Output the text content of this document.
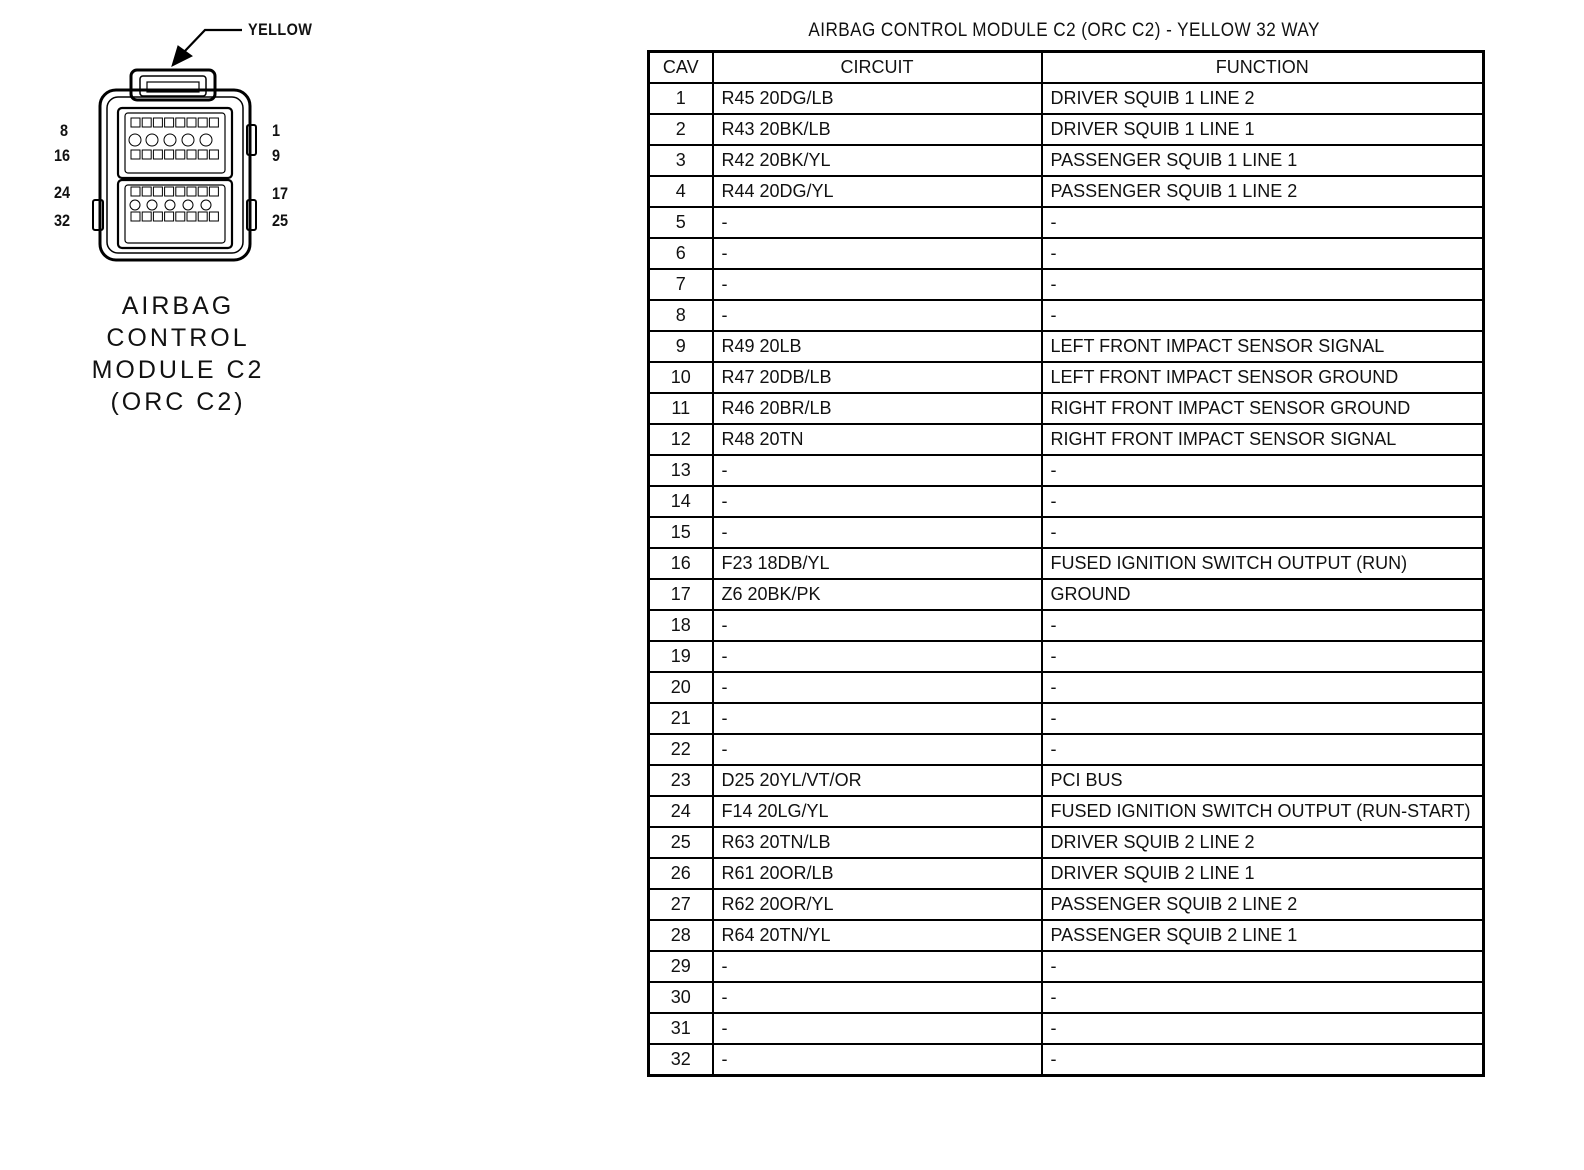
YELLOW
8
16
24
32
1
9
17
25
AIRBAG
CONTROL
MODULE C2
(ORC C2)
AIRBAG CONTROL MODULE C2 (ORC C2) - YELLOW 32 WAY
CAV	CIRCUIT	FUNCTION
1	R45 20DG/LB	DRIVER SQUIB 1 LINE 2
2	R43 20BK/LB	DRIVER SQUIB 1 LINE 1
3	R42 20BK/YL	PASSENGER SQUIB 1 LINE 1
4	R44 20DG/YL	PASSENGER SQUIB 1 LINE 2
5	-	-
6	-	-
7	-	-
8	-	-
9	R49 20LB	LEFT FRONT IMPACT SENSOR SIGNAL
10	R47 20DB/LB	LEFT FRONT IMPACT SENSOR GROUND
11	R46 20BR/LB	RIGHT FRONT IMPACT SENSOR GROUND
12	R48 20TN	RIGHT FRONT IMPACT SENSOR SIGNAL
13	-	-
14	-	-
15	-	-
16	F23 18DB/YL	FUSED IGNITION SWITCH OUTPUT (RUN)
17	Z6 20BK/PK	GROUND
18	-	-
19	-	-
20	-	-
21	-	-
22	-	-
23	D25 20YL/VT/OR	PCI BUS
24	F14 20LG/YL	FUSED IGNITION SWITCH OUTPUT (RUN-START)
25	R63 20TN/LB	DRIVER SQUIB 2 LINE 2
26	R61 20OR/LB	DRIVER SQUIB 2 LINE 1
27	R62 20OR/YL	PASSENGER SQUIB 2 LINE 2
28	R64 20TN/YL	PASSENGER SQUIB 2 LINE 1
29	-	-
30	-	-
31	-	-
32	-	-
